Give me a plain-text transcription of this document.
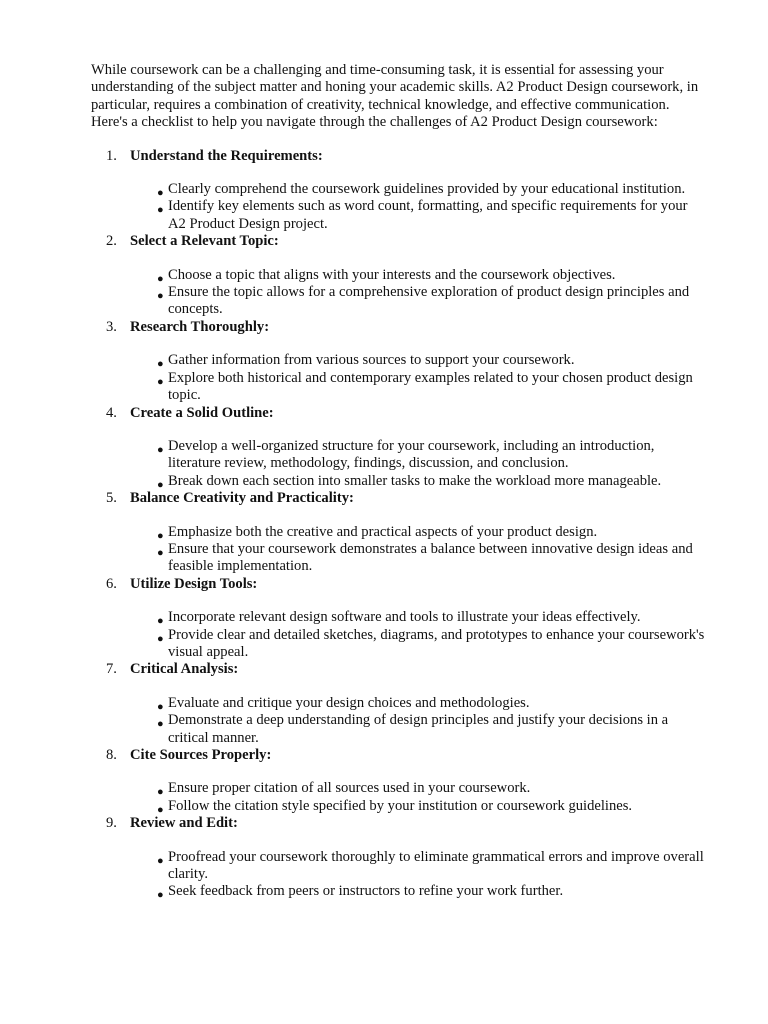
While coursework can be a challenging and time-consuming task, it is essential for assessing your understanding of the subject matter and honing your academic skills. A2 Product Design coursework, in particular, requires a combination of creativity, technical knowledge, and effective communication. Here's a checklist to help you navigate through the challenges of A2 Product Design coursework:

1. Understand the Requirements:
● Clearly comprehend the coursework guidelines provided by your educational institution.
● Identify key elements such as word count, formatting, and specific requirements for your A2 Product Design project.
2. Select a Relevant Topic:
● Choose a topic that aligns with your interests and the coursework objectives.
● Ensure the topic allows for a comprehensive exploration of product design principles and concepts.
3. Research Thoroughly:
● Gather information from various sources to support your coursework.
● Explore both historical and contemporary examples related to your chosen product design topic.
4. Create a Solid Outline:
● Develop a well-organized structure for your coursework, including an introduction, literature review, methodology, findings, discussion, and conclusion.
● Break down each section into smaller tasks to make the workload more manageable.
5. Balance Creativity and Practicality:
● Emphasize both the creative and practical aspects of your product design.
● Ensure that your coursework demonstrates a balance between innovative design ideas and feasible implementation.
6. Utilize Design Tools:
● Incorporate relevant design software and tools to illustrate your ideas effectively.
● Provide clear and detailed sketches, diagrams, and prototypes to enhance your coursework's visual appeal.
7. Critical Analysis:
● Evaluate and critique your design choices and methodologies.
● Demonstrate a deep understanding of design principles and justify your decisions in a critical manner.
8. Cite Sources Properly:
● Ensure proper citation of all sources used in your coursework.
● Follow the citation style specified by your institution or coursework guidelines.
9. Review and Edit:
● Proofread your coursework thoroughly to eliminate grammatical errors and improve overall clarity.
● Seek feedback from peers or instructors to refine your work further.
